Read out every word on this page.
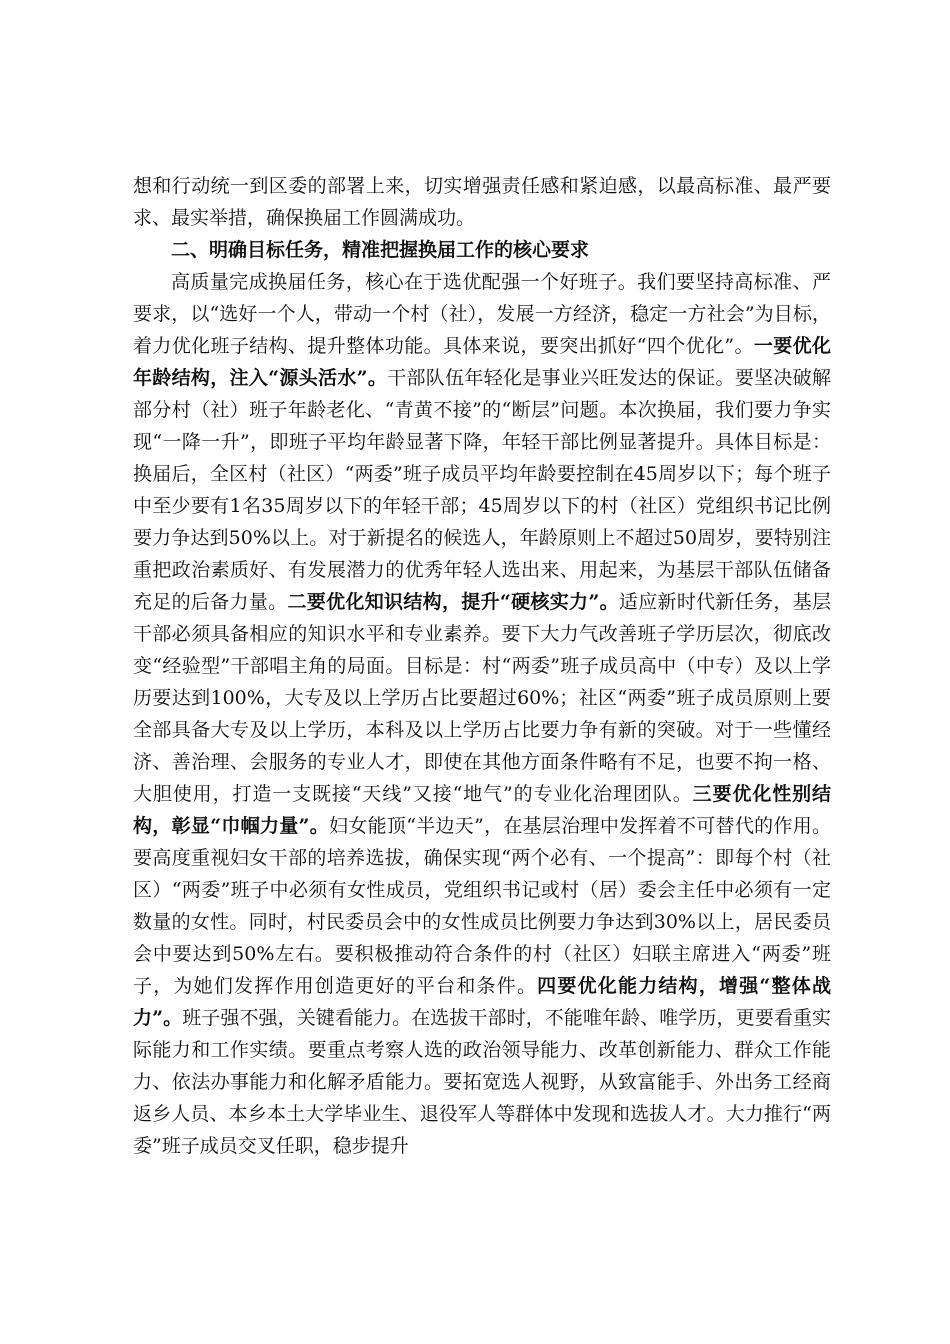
想和行动统一到区委的部署上来，切实增强责任感和紧迫感，以最高标准、最严要求、最实举措，确保换届工作圆满成功。

二、明确目标任务，精准把握换届工作的核心要求

高质量完成换届任务，核心在于选优配强一个好班子。我们要坚持高标准、严要求，以“选好一个人，带动一个村（社），发展一方经济，稳定一方社会”为目标，着力优化班子结构、提升整体功能。具体来说，要突出抓好“四个优化”。一要优化年龄结构，注入“源头活水”。干部队伍年轻化是事业兴旺发达的保证。要坚决破解部分村（社）班子年龄老化、“青黄不接”的“断层”问题。本次换届，我们要力争实现“一降一升”，即班子平均年龄显著下降，年轻干部比例显著提升。具体目标是：换届后，全区村（社区）“两委”班子成员平均年龄要控制在45周岁以下；每个班子中至少要有1名35周岁以下的年轻干部；45周岁以下的村（社区）党组织书记比例要力争达到50%以上。对于新提名的候选人，年龄原则上不超过50周岁，要特别注重把政治素质好、有发展潜力的优秀年轻人选出来、用起来，为基层干部队伍储备充足的后备力量。二要优化知识结构，提升“硬核实力”。适应新时代新任务，基层干部必须具备相应的知识水平和专业素养。要下大力气改善班子学历层次，彻底改变“经验型”干部唱主角的局面。目标是：村“两委”班子成员高中（中专）及以上学历要达到100%，大专及以上学历占比要超过60%；社区“两委”班子成员原则上要全部具备大专及以上学历，本科及以上学历占比要力争有新的突破。对于一些懂经济、善治理、会服务的专业人才，即使在其他方面条件略有不足，也要不拘一格、大胆使用，打造一支既接“天线”又接“地气”的专业化治理团队。三要优化性别结构，彰显“巾帼力量”。妇女能顶“半边天”，在基层治理中发挥着不可替代的作用。要高度重视妇女干部的培养选拔，确保实现“两个必有、一个提高”：即每个村（社区）“两委”班子中必须有女性成员，党组织书记或村（居）委会主任中必须有一定数量的女性。同时，村民委员会中的女性成员比例要力争达到30%以上，居民委员会中要达到50%左右。要积极推动符合条件的村（社区）妇联主席进入“两委”班子，为她们发挥作用创造更好的平台和条件。四要优化能力结构，增强“整体战力”。班子强不强，关键看能力。在选拔干部时，不能唯年龄、唯学历，更要看重实际能力和工作实绩。要重点考察人选的政治领导能力、改革创新能力、群众工作能力、依法办事能力和化解矛盾能力。要拓宽选人视野，从致富能手、外出务工经商返乡人员、本乡本土大学毕业生、退役军人等群体中发现和选拔人才。大力推行“两委”班子成员交叉任职，稳步提升
